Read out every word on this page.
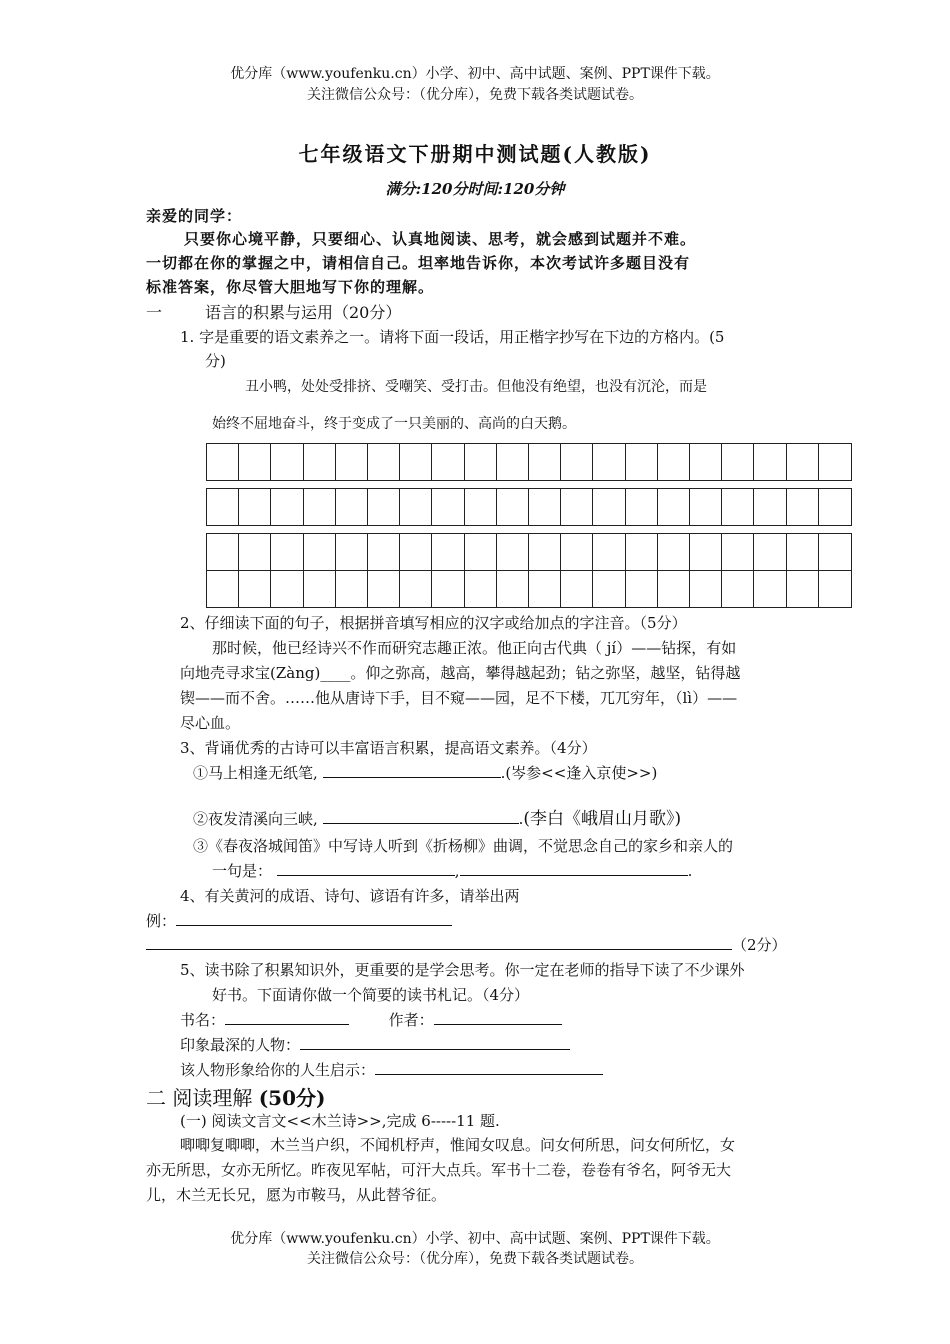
优分库（www.youfenku.cn）小学、初中、高中试题、案例、PPT课件下载。
关注微信公众号：（优分库），免费下载各类试题试卷。
七年级语文下册期中测试题(人教版)
满分:120分时间:120分钟
亲爱的同学：
只要你心境平静，只要细心、认真地阅读、思考，就会感到试题并不难。
一切都在你的掌握之中，请相信自己。坦率地告诉你，本次考试许多题目没有
标准答案，你尽管大胆地写下你的理解。
一	语言的积累与运用（20分）
1. 字是重要的语文素养之一。请将下面一段话，用正楷字抄写在下边的方格内。(5
分)
丑小鸭，处处受排挤、受嘲笑、受打击。但他没有绝望，也没有沉沦，而是
始终不屈地奋斗，终于变成了一只美丽的、高尚的白天鹅。
2、仔细读下面的句子，根据拼音填写相应的汉字或给加点的字注音。（5分）
那时候，他已经诗兴不作而研究志趣正浓。他正向古代典（ jí）——钻探，有如
向地壳寻求宝(Zàng)____。仰之弥高，越高，攀得越起劲；钻之弥坚，越坚，钻得越
锲——而不舍。……他从唐诗下手，目不窥——园，足不下楼，兀兀穷年，（lì）——
尽心血。
3、背诵优秀的古诗可以丰富语言积累，提高语文素养。（4分）
①马上相逢无纸笔,	.(岑参<<逢入京使>>)
②夜发清溪向三峡,	.(李白《峨眉山月歌》)
③《春夜洛城闻笛》中写诗人听到《折杨柳》曲调，不觉思念自己的家乡和亲人的
一句是：	,	.
4、有关黄河的成语、诗句、谚语有许多，请举出两
例：
（2分）
5、读书除了积累知识外，更重要的是学会思考。你一定在老师的指导下读了不少课外
好书。下面请你做一个简要的读书札记。（4分）
书名：	作者：
印象最深的人物：
该人物形象给你的人生启示：
二 阅读理解 (50分)
(一) 阅读文言文<<木兰诗>>,完成 6-----11 题.
唧唧复唧唧，木兰当户织，不闻机杼声，惟闻女叹息。问女何所思，问女何所忆，女
亦无所思，女亦无所忆。昨夜见军帖，可汗大点兵。军书十二卷，卷卷有爷名，阿爷无大
儿，木兰无长兄，愿为市鞍马，从此替爷征。
优分库（www.youfenku.cn）小学、初中、高中试题、案例、PPT课件下载。
关注微信公众号：（优分库），免费下载各类试题试卷。
